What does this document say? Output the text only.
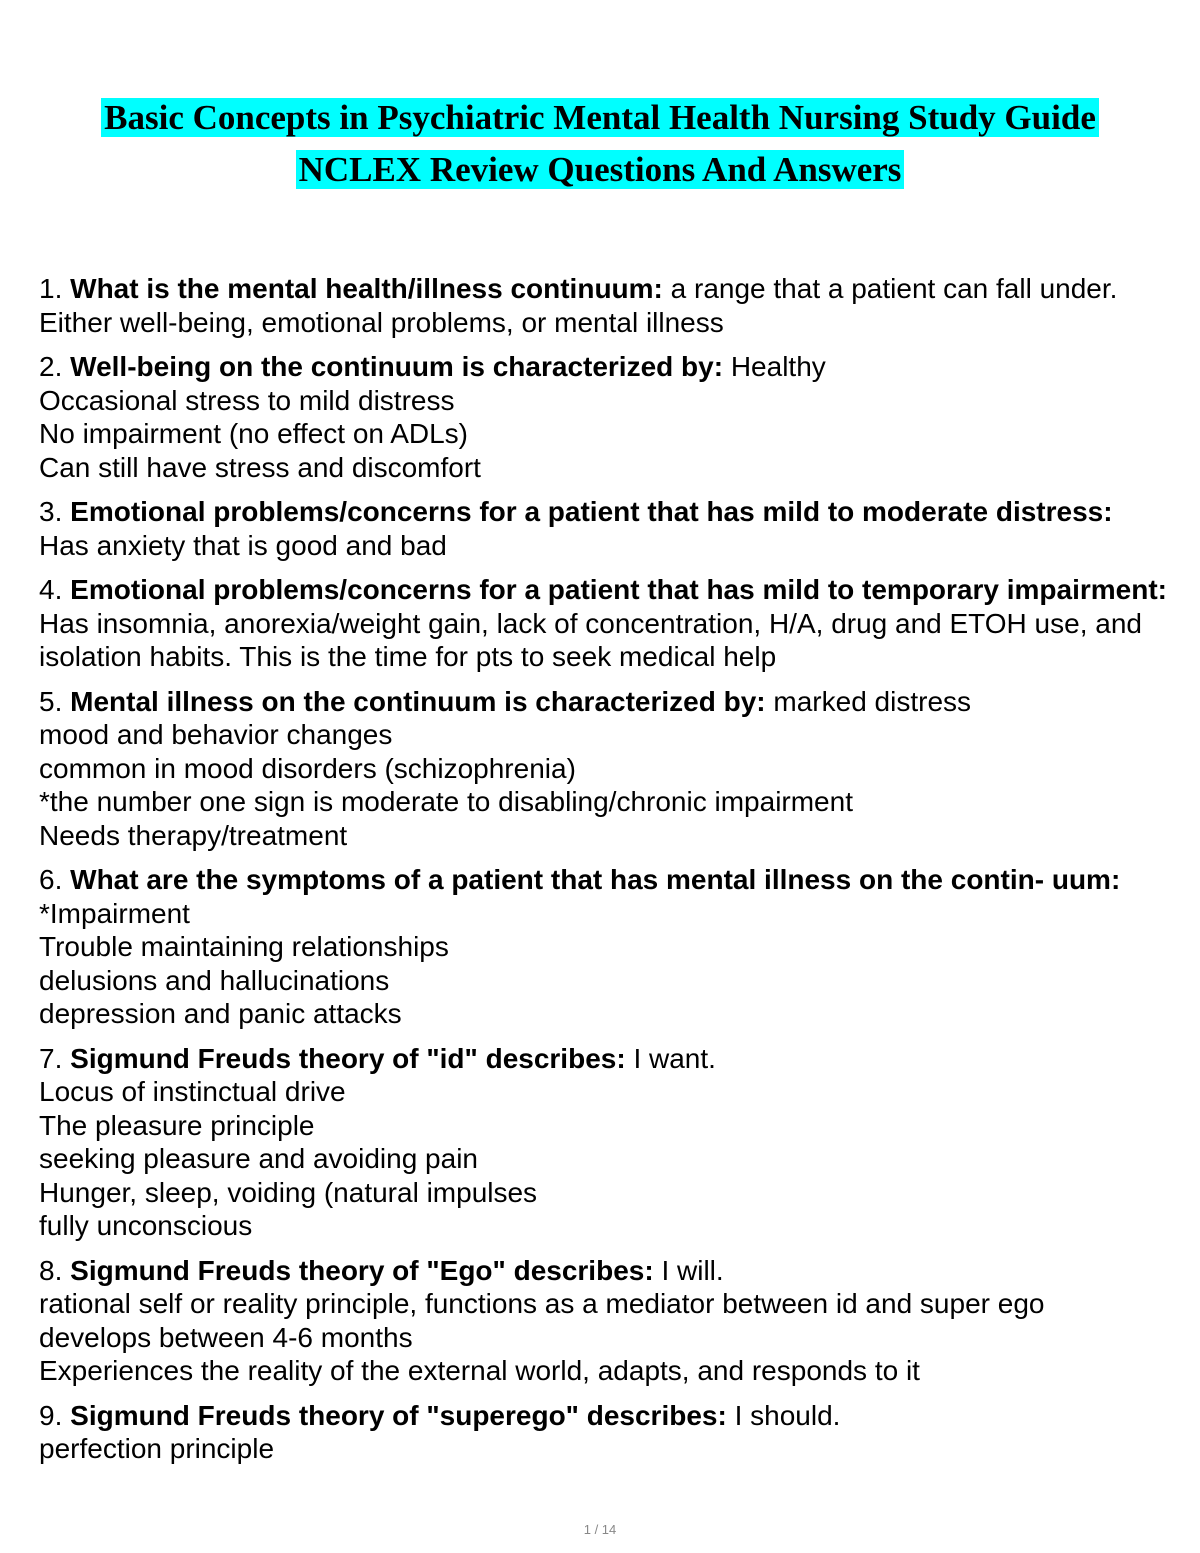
Basic Concepts in Psychiatric Mental Health Nursing Study Guide
NCLEX Review Questions And Answers
1. What is the mental health/illness continuum: a range that a patient can fall under. Either well-being, emotional problems, or mental illness
2. Well-being on the continuum is characterized by: Healthy
Occasional stress to mild distress
No impairment (no effect on ADLs)
Can still have stress and discomfort
3. Emotional problems/concerns for a patient that has mild to moderate distress: Has anxiety that is good and bad
4. Emotional problems/concerns for a patient that has mild to temporary impairment: Has insomnia, anorexia/weight gain, lack of concentration, H/A, drug and ETOH use, and isolation habits. This is the time for pts to seek medical help
5. Mental illness on the continuum is characterized by: marked distress
mood and behavior changes
common in mood disorders (schizophrenia)
*the number one sign is moderate to disabling/chronic impairment
Needs therapy/treatment
6. What are the symptoms of a patient that has mental illness on the contin- uum: *Impairment
Trouble maintaining relationships
delusions and hallucinations
depression and panic attacks
7. Sigmund Freuds theory of "id" describes: I want.
Locus of instinctual drive
The pleasure principle
seeking pleasure and avoiding pain
Hunger, sleep, voiding (natural impulses
fully unconscious
8. Sigmund Freuds theory of "Ego" describes: I will.
rational self or reality principle, functions as a mediator between id and super ego
develops between 4-6 months
Experiences the reality of the external world, adapts, and responds to it
9. Sigmund Freuds theory of "superego" describes: I should.
perfection principle
1 / 14
